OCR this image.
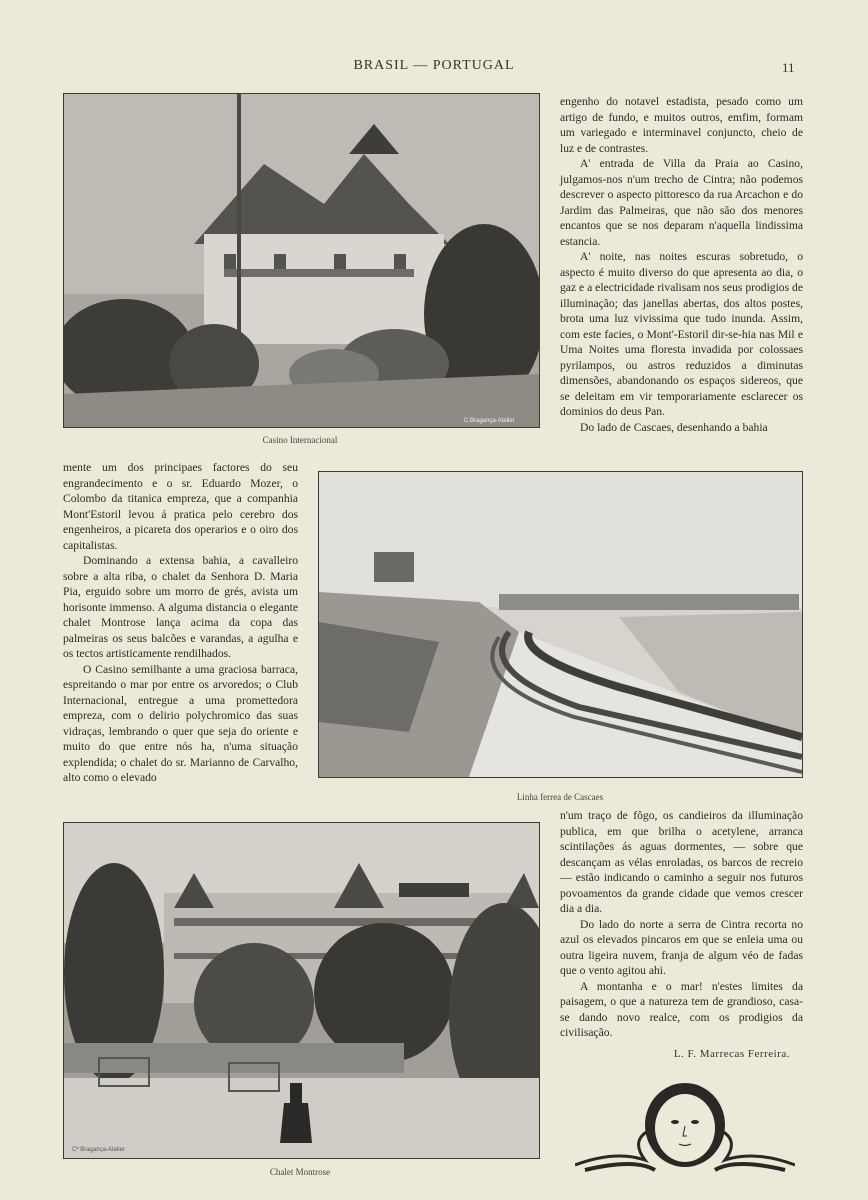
BRASIL — PORTUGAL	11
C.Bragança-Atelier
Casino Internacional

engenho do notavel estadista, pesado como um artigo de fundo, e muitos outros, emfim, formam um variegado e interminavel conjuncto, cheio de luz e de contrastes.

A' entrada de Villa da Praia ao Casino, julgamos-nos n'um trecho de Cintra; não podemos descrever o aspecto pittoresco da rua Arcachon e do Jardim das Palmeiras, que não são dos menores encantos que se nos deparam n'aquella lindissima estancia.

A' noite, nas noites escuras sobretudo, o aspecto é muito diverso do que apresenta ao dia, o gaz e a electricidade rivalisam nos seus prodigios de illuminação; das janellas abertas, dos altos postes, brota uma luz vivissima que tudo inunda. Assim, com este facies, o Mont'-Estoril dir-se-hia nas Mil e Uma Noites uma floresta invadida por colossaes pyrilampos, ou astros reduzidos a diminutas dimensões, abandonando os espaços sidereos, que se deleitam em vir temporariamente esclarecer os dominios do deus Pan.

Do lado de Cascaes, desenhando a bahia

mente um dos principaes factores do seu engrandecimento e o sr. Eduardo Mozer, o Colombo da titanica empreza, que a companhia Mont'Estoril levou á pratica pelo cerebro dos engenheiros, a picareta dos operarios e o oiro dos capitalistas.

Dominando a extensa bahia, a cavalleiro sobre a alta riba, o chalet da Senhora D. Maria Pia, erguido sobre um morro de grés, avista um horisonte immenso. A alguma distancia o elegante chalet Montrose lança acima da copa das palmeiras os seus balcões e varandas, a agulha e os tectos artisticamente rendilhados.

O Casino semilhante a uma graciosa barraca, espreitando o mar por entre os arvoredos; o Club Internacional, entregue a uma promettedora empreza, com o delirio polychromico das suas vidraças, lembrando o quer que seja do oriente e muito do que entre nós ha, n'uma situação explendida; o chalet do sr. Marianno de Carvalho, alto como o elevado

Linha ferrea de Cascaes

n'um traço de fôgo, os candieiros da illuminação publica, em que brilha o acetylene, arranca scintilações ás aguas dormentes, — sobre que descançam as vélas enroladas, os barcos de recreio — estão indicando o caminho a seguir nos futuros povoamentos da grande cidade que vemos crescer dia a dia.

Do lado do norte a serra de Cintra recorta no azul os elevados pincaros em que se enleia uma ou outra ligeira nuvem, franja de algum véo de fadas que o vento agitou ahi.

A montanha e o mar! n'estes limites da paisagem, o que a natureza tem de grandioso, casa-se dando novo realce, com os prodigios da civilisação.

Cª Bragança-Atelier
Chalet Montrose
L. F. Marrecas Ferreira.
